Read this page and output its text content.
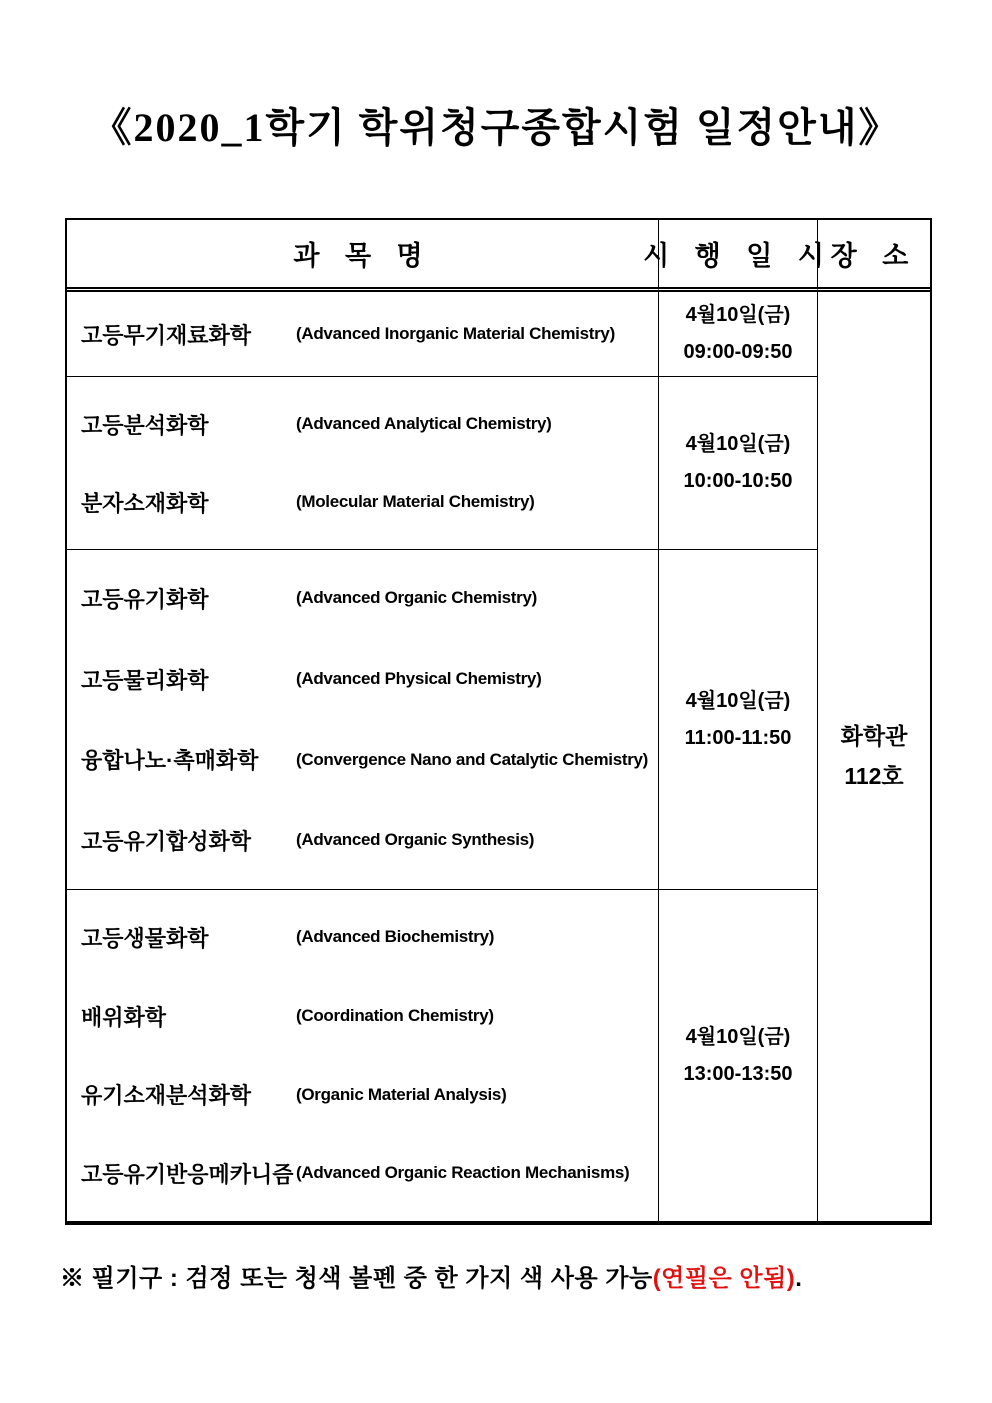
《2020_1학기 학위청구종합시험 일정안내》
과 목 명	시 행 일 시
장 소
고등무기재료화학	(Advanced Inorganic Material Chemistry)
4월10일(금)
09:00-09:50
고등분석화학	(Advanced Analytical Chemistry)
분자소재화학	(Molecular Material Chemistry)
4월10일(금)
10:00-10:50
고등유기화학	(Advanced Organic Chemistry)
고등물리화학	(Advanced Physical Chemistry)
융합나노·촉매화학	(Convergence Nano and Catalytic Chemistry)
고등유기합성화학	(Advanced Organic Synthesis)
4월10일(금)
11:00-11:50
고등생물화학	(Advanced Biochemistry)
배위화학	(Coordination Chemistry)
유기소재분석화학	(Organic Material Analysis)
고등유기반응메카니즘 (Advanced Organic Reaction Mechanisms)
4월10일(금)
13:00-13:50
화학관
112호

※ 필기구 : 검정 또는 청색 볼펜 중 한 가지 색 사용 가능(연필은 안됨).
